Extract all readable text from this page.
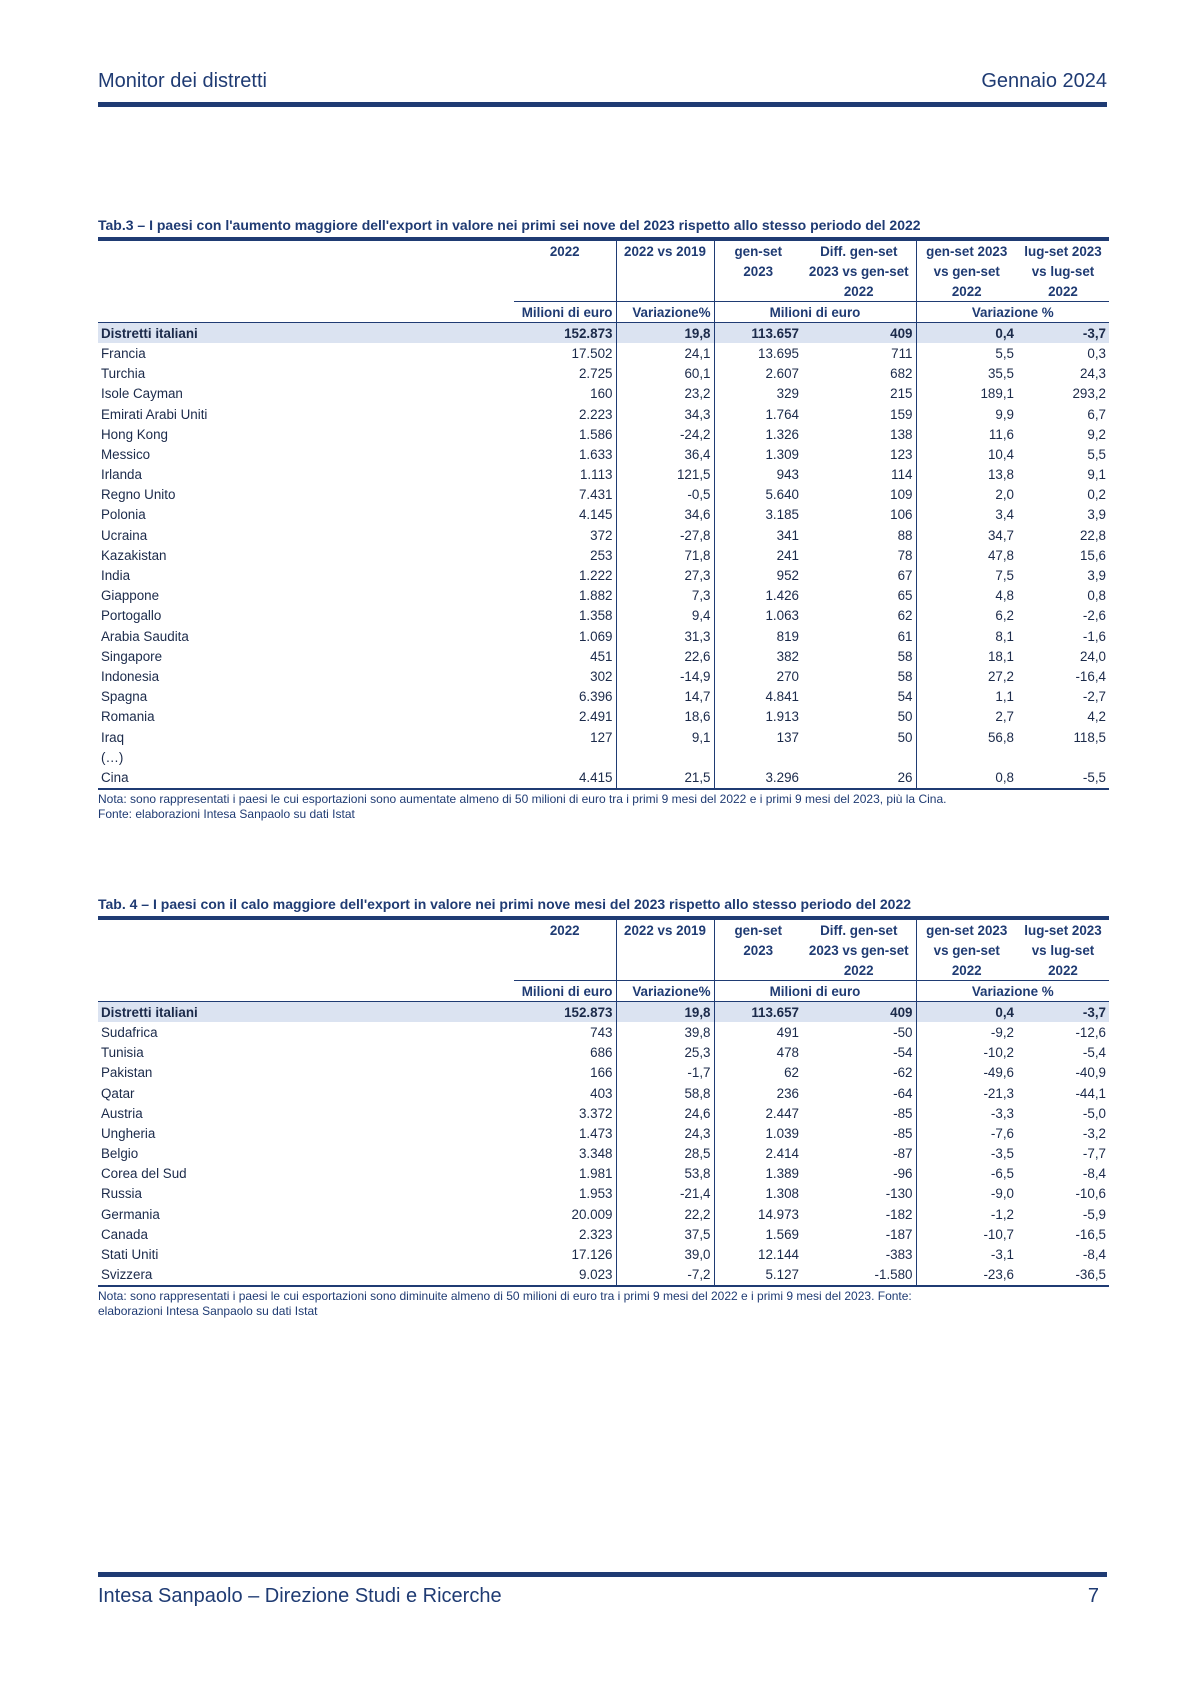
Monitor dei distretti	Gennaio 2024
Tab.3 – I paesi con l'aumento maggiore dell'export in valore nei primi sei nove del 2023 rispetto allo stesso periodo del 2022
	2022	2022 vs 2019	gen-set	Diff. gen-set	gen-set 2023	lug-set 2023
			2023	2023 vs gen-set	vs gen-set	vs lug-set
				2022	2022	2022
	Milioni di euro	Variazione%	Milioni di euro		Variazione %	
Distretti italiani	152.873	19,8	113.657	409	0,4	-3,7
Francia	17.502	24,1	13.695	711	5,5	0,3
Turchia	2.725	60,1	2.607	682	35,5	24,3
Isole Cayman	160	23,2	329	215	189,1	293,2
Emirati Arabi Uniti	2.223	34,3	1.764	159	9,9	6,7
Hong Kong	1.586	-24,2	1.326	138	11,6	9,2
Messico	1.633	36,4	1.309	123	10,4	5,5
Irlanda	1.113	121,5	943	114	13,8	9,1
Regno Unito	7.431	-0,5	5.640	109	2,0	0,2
Polonia	4.145	34,6	3.185	106	3,4	3,9
Ucraina	372	-27,8	341	88	34,7	22,8
Kazakistan	253	71,8	241	78	47,8	15,6
India	1.222	27,3	952	67	7,5	3,9
Giappone	1.882	7,3	1.426	65	4,8	0,8
Portogallo	1.358	9,4	1.063	62	6,2	-2,6
Arabia Saudita	1.069	31,3	819	61	8,1	-1,6
Singapore	451	22,6	382	58	18,1	24,0
Indonesia	302	-14,9	270	58	27,2	-16,4
Spagna	6.396	14,7	4.841	54	1,1	-2,7
Romania	2.491	18,6	1.913	50	2,7	4,2
Iraq	127	9,1	137	50	56,8	118,5
(…)						
Cina	4.415	21,5	3.296	26	0,8	-5,5
Nota: sono rappresentati i paesi le cui esportazioni sono aumentate almeno di 50 milioni di euro tra i primi 9 mesi del 2022 e i primi 9 mesi del 2023, più la Cina.
Fonte: elaborazioni Intesa Sanpaolo su dati Istat
Tab. 4 – I paesi con il calo maggiore dell'export in valore nei primi nove mesi del 2023 rispetto allo stesso periodo del 2022
	2022	2022 vs 2019	gen-set	Diff. gen-set	gen-set 2023	lug-set 2023
			2023	2023 vs gen-set	vs gen-set	vs lug-set
				2022	2022	2022
	Milioni di euro	Variazione%	Milioni di euro		Variazione %	
Distretti italiani	152.873	19,8	113.657	409	0,4	-3,7
Sudafrica	743	39,8	491	-50	-9,2	-12,6
Tunisia	686	25,3	478	-54	-10,2	-5,4
Pakistan	166	-1,7	62	-62	-49,6	-40,9
Qatar	403	58,8	236	-64	-21,3	-44,1
Austria	3.372	24,6	2.447	-85	-3,3	-5,0
Ungheria	1.473	24,3	1.039	-85	-7,6	-3,2
Belgio	3.348	28,5	2.414	-87	-3,5	-7,7
Corea del Sud	1.981	53,8	1.389	-96	-6,5	-8,4
Russia	1.953	-21,4	1.308	-130	-9,0	-10,6
Germania	20.009	22,2	14.973	-182	-1,2	-5,9
Canada	2.323	37,5	1.569	-187	-10,7	-16,5
Stati Uniti	17.126	39,0	12.144	-383	-3,1	-8,4
Svizzera	9.023	-7,2	5.127	-1.580	-23,6	-36,5
Nota: sono rappresentati i paesi le cui esportazioni sono diminuite almeno di 50 milioni di euro tra i primi 9 mesi del 2022 e i primi 9 mesi del 2023. Fonte:
elaborazioni Intesa Sanpaolo su dati Istat
Intesa Sanpaolo – Direzione Studi e Ricerche	7
